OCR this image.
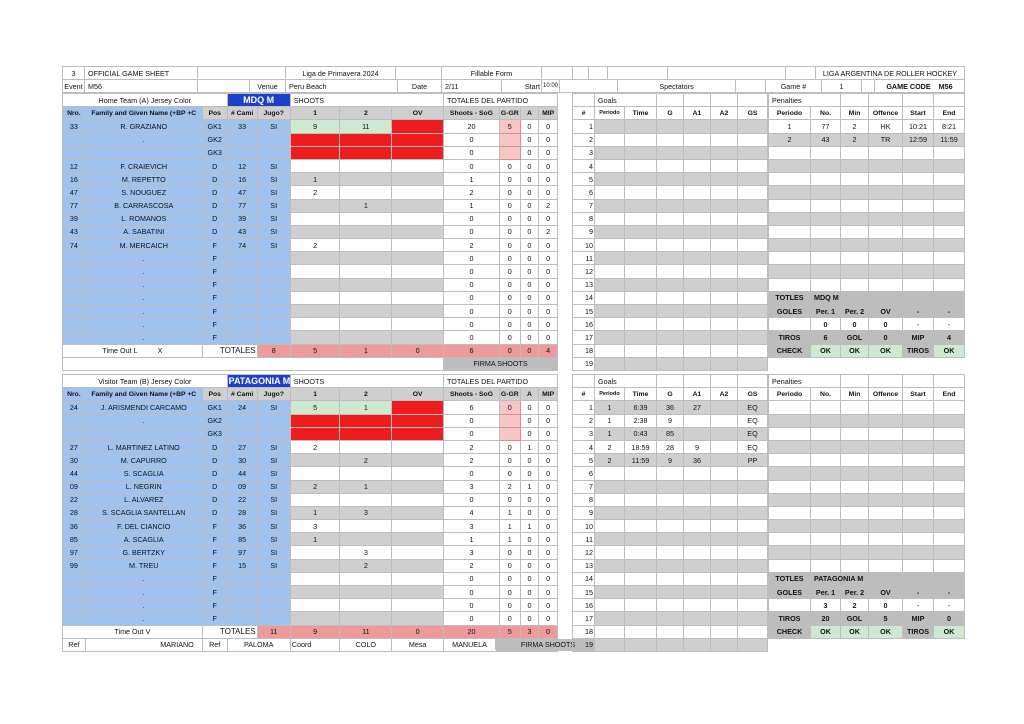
3	OFFICIAL GAME SHEET		Liga de Primavera 2024		Fillable Form							LIGA ARGENTINA DE ROLLER HOCKEY
Event	M56		Venue	Peru Beach	Date	2/11	Start	10:00		Spectators		Game #	1		GAME CODE M56
Home Team (A) Jersey Color			MDQ M		SHOOTS			TOTALES DEL PARTIDO			
Nro.	Family and Given Name (+BP +C	Pos	# Cami	Jugo?	1	2	OV	Shoots - SoG	G-GR	A	MIP
33	R. GRAZIANO	GK1	33	SI	9	11		20	5	0	0
	.	GK2						0		0	0
		GK3						0		0	0
12	F. CRAIEVICH	D	12	SI				0	0	0	0
16	M. REPETTO	D	16	SI	1			1	0	0	0
47	S. NOUGUEZ	D	47	SI	2			2	0	0	0
77	B. CARRASCOSA	D	77	SI		1		1	0	0	2
39	L. ROMANOS	D	39	SI				0	0	0	0
43	A. SABATINI	D	43	SI				0	0	0	2
74	M. MERCAICH	F	74	SI	2			2	0	0	0
	.	F						0	0	0	0
	.	F						0	0	0	0
	.	F						0	0	0	0
	.	F						0	0	0	0
	.	F						0	0	0	0
	.	F						0	0	0	0
	.	F						0	0	0	0
Time Out L X		TOTALES		8	5	1	0	6	0	0	4
								FIRMA SHOOTS			
	Goals					
#	Periodo	Time	G	A1	A2	GS
1						
2						
3						
4						
5						
6						
7						
8						
9						
10						
11						
12						
13						
14						
15						
16						
17						
18						
19						
Penalties					
Periodo	No.	Min	Offence	Start	End
1	77	2	HK	10:21	8:21
2	43	2	TR	12:59	11:59

TOTLES	MDQ M				
GOLES	Per. 1	Per. 2	OV	-	-
	0	0	0	-	-
TIROS	6	GOL	0	MIP	4
CHECK	OK	OK	OK	TIROS	OK
Visitor Team (B) Jersey Color			PATAGONIA M		SHOOTS			TOTALES DEL PARTIDO			
Nro.	Family and Given Name (+BP +C	Pos	# Cami	Jugo?	1	2	OV	Shoots - SoG	G-GR	A	MIP
24	J. ARISMENDI CARCAMO	GK1	24	SI	5	1		6	0	0	0
	.	GK2						0		0	0
		GK3						0		0	0
27	L. MARTINEZ LATINO	D	27	SI	2			2	0	1	0
30	M. CAPURRO	D	30	SI		2		2	0	0	0
44	S. SCAGLIA	D	44	SI				0	0	0	0
09	L. NEGRIN	D	09	SI	2	1		3	2	1	0
22	L. ALVAREZ	D	22	SI				0	0	0	0
28	S. SCAGLIA SANTELLAN	D	28	SI	1	3		4	1	0	0
36	F. DEL CIANCIO	F	36	SI	3			3	1	1	0
85	A. SCAGLIA	F	85	SI	1			1	1	0	0
97	G. BERTZKY	F	97	SI		3		3	0	0	0
99	M. TREU	F	15	SI		2		2	0	0	0
	.	F						0	0	0	0
	.	F						0	0	0	0
	.	F						0	0	0	0
	.	F						0	0	0	0
Time Out V		TOTALES		11	9	11	0	20	5	3	0
Ref	MARIANO	Ref	PALOMA		Coord	COLO	Mesa	MANUELA FIRMA SHOOTS			
	Goals					
#	Periodo	Time	G	A1	A2	GS
1	1	6:39	36	27		EQ
2	1	2:38	9			EQ
3	1	0:43	85			EQ
4	2	18:59	28	9		EQ
5	2	11:59	9	36		PP
6						
7						
8						
9						
10						
11						
12						
13						
14						
15						
16						
17						
18						
19						
Penalties					
Periodo	No.	Min	Offence	Start	End

TOTLES	PATAGONIA M				
GOLES	Per. 1	Per. 2	OV	-	-
	3	2	0	-	-
TIROS	20	GOL	5	MIP	0
CHECK	OK	OK	OK	TIROS	OK
